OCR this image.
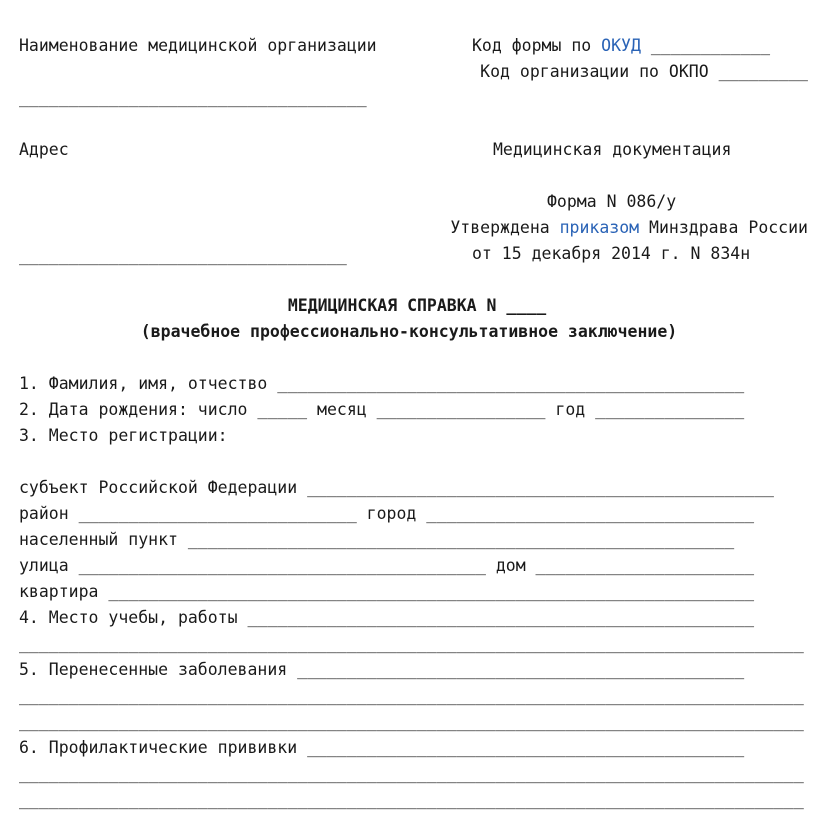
Наименование медицинской организации	Код формы по ОКУД ____________
Код организации по ОКПО _________
___________________________________
Адрес	Медицинская документация
Форма N 086/у
Утверждена приказом Минздрава России
от 15 декабря 2014 г. N 834н
_________________________________
МЕДИЦИНСКАЯ СПРАВКА N ____
(врачебное профессионально-консультативное заключение)
1. Фамилия, имя, отчество _______________________________________________
2. Дата рождения: число _____ месяц _________________ год _______________
3. Место регистрации:
субъект Российской Федерации _______________________________________________
район ____________________________ город _________________________________
населенный пункт _______________________________________________________
улица _________________________________________ дом ______________________
квартира _________________________________________________________________
4. Место учебы, работы ___________________________________________________
_______________________________________________________________________________
5. Перенесенные заболевания _____________________________________________
_______________________________________________________________________________
_______________________________________________________________________________
6. Профилактические прививки ____________________________________________
_______________________________________________________________________________
_______________________________________________________________________________
